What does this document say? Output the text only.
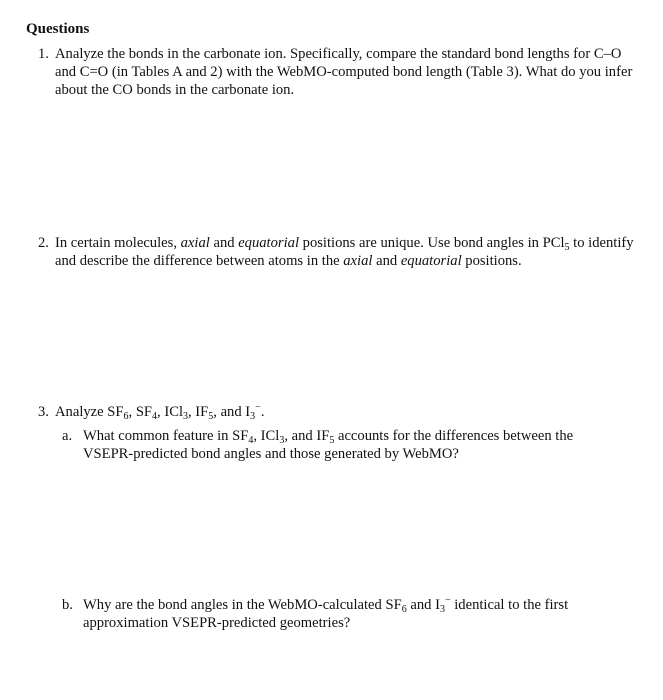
Questions
1. Analyze the bonds in the carbonate ion. Specifically, compare the standard bond lengths for C–O and C=O (in Tables A and 2) with the WebMO-computed bond length (Table 3). What do you infer about the CO bonds in the carbonate ion.
2. In certain molecules, axial and equatorial positions are unique. Use bond angles in PCl$_5$ to identify and describe the difference between atoms in the axial and equatorial positions.
3. Analyze $SF_6$, $SF_4$, ICl$_3$, $IF_5$, and $I_3^-$.
a. What common feature in $SF_4$, ICl$_3$, and $IF_5$ accounts for the differences between the VSEPR-predicted bond angles and those generated by WebMO?
b. Why are the bond angles in the WebMO-calculated $SF_6$ and $I_3^-$ identical to the first approximation VSEPR-predicted geometries?
